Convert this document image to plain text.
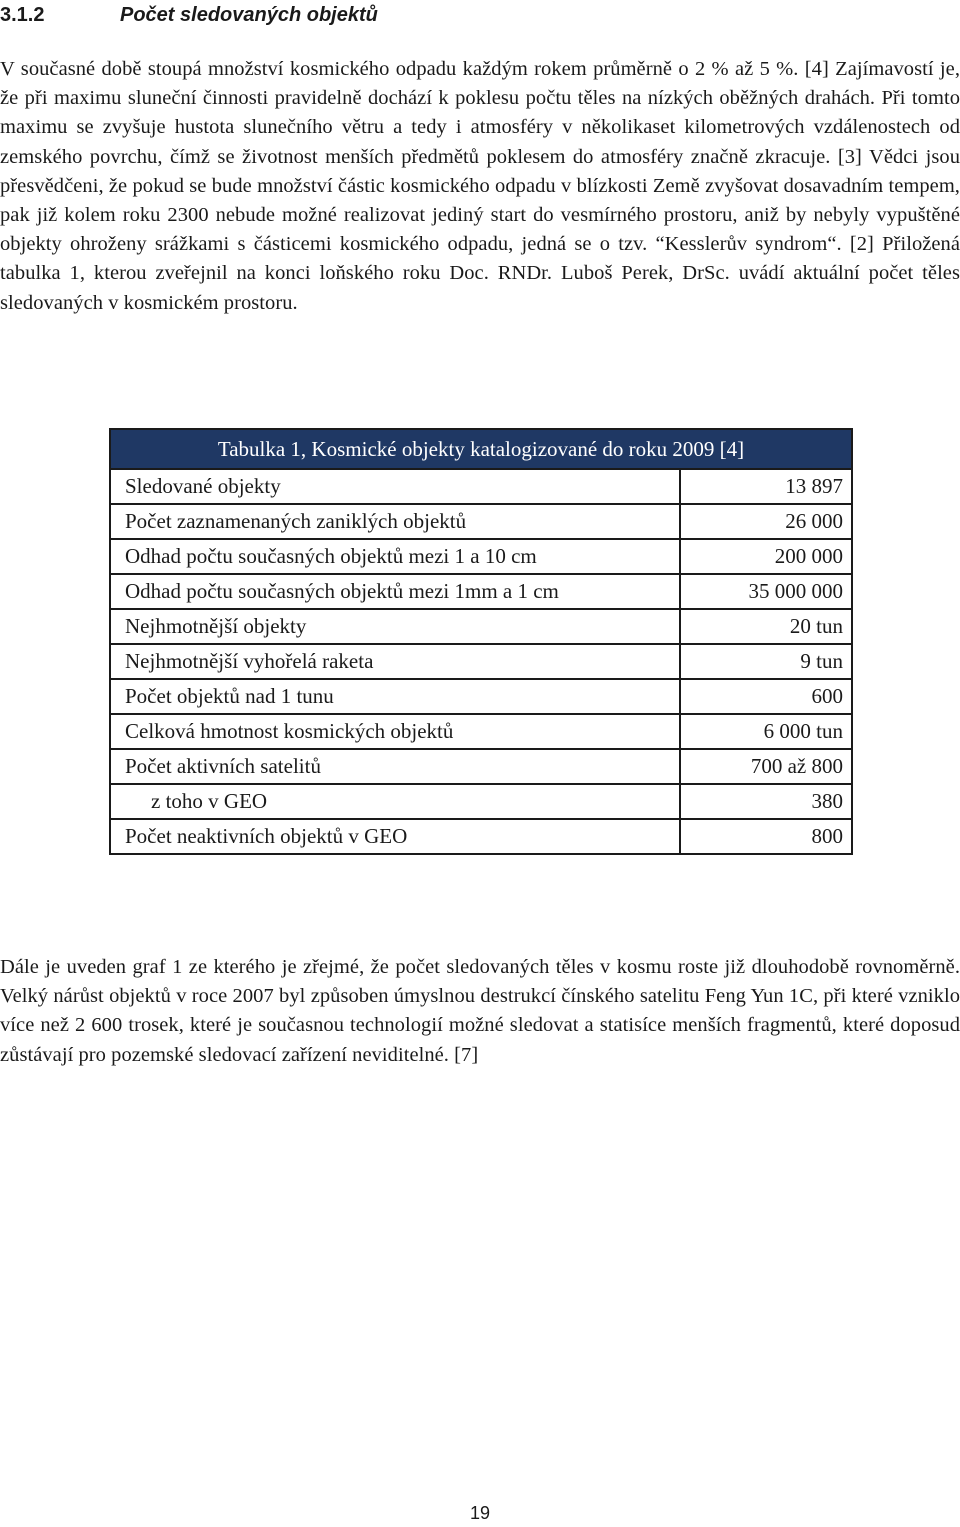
3.1.2	Počet sledovaných objektů

V současné době stoupá množství kosmického odpadu každým rokem průměrně o 2 % až 5 %. [4] Zajímavostí je, že při maximu sluneční činnosti pravidelně dochází k poklesu počtu těles na nízkých oběžných drahách. Při tomto maximu se zvyšuje hustota slunečního větru a tedy i atmosféry v několikaset kilometrových vzdálenostech od zemského povrchu, čímž se životnost menších předmětů poklesem do atmosféry značně zkracuje. [3] Vědci jsou přesvědčeni, že pokud se bude množství částic kosmického odpadu v blízkosti Země zvyšovat dosavadním tempem, pak již kolem roku 2300 nebude možné realizovat jediný start do vesmírného prostoru, aniž by nebyly vypuštěné objekty ohroženy srážkami s částicemi kosmického odpadu, jedná se o tzv. “Kesslerův syndrom“. [2] Přiložená tabulka 1, kterou zveřejnil na konci loňského roku Doc. RNDr. Luboš Perek, DrSc. uvádí aktuální počet těles sledovaných v kosmickém prostoru.

Tabulka 1, Kosmické objekty katalogizované do roku 2009 [4]	
Sledované objekty	13 897
Počet zaznamenaných zaniklých objektů	26 000
Odhad počtu současných objektů mezi 1 a 10 cm	200 000
Odhad počtu současných objektů mezi 1mm a 1 cm	35 000 000
Nejhmotnější objekty	20 tun
Nejhmotnější vyhořelá raketa	9 tun
Počet objektů nad 1 tunu	600
Celková hmotnost kosmických objektů	6 000 tun
Počet aktivních satelitů	700 až 800
z toho v GEO	380
Počet neaktivních objektů v GEO	800

Dále je uveden graf 1 ze kterého je zřejmé, že počet sledovaných těles v kosmu roste již dlouhodobě rovnoměrně. Velký nárůst objektů v roce 2007 byl způsoben úmyslnou destrukcí čínského satelitu Feng Yun 1C, při které vzniklo více než 2 600 trosek, které je současnou technologií možné sledovat a statisíce menších fragmentů, které doposud zůstávají pro pozemské sledovací zařízení neviditelné. [7]

19
